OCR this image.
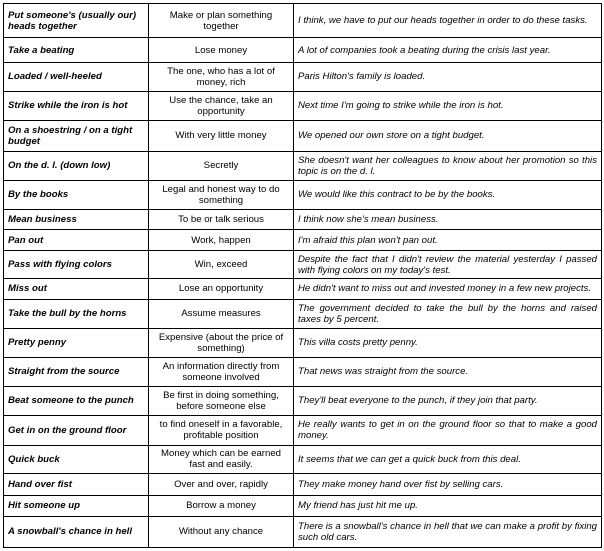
Put someone's (usually our) heads together	Make or plan something together	I think, we have to put our heads together in order to do these tasks.
Take a beating	Lose money	A lot of companies took a beating during the crisis last year.
Loaded / well-heeled	The one, who has a lot of money, rich	Paris Hilton's family is loaded.
Strike while the iron is hot	Use the chance, take an opportunity	Next time I'm going to strike while the iron is hot.
On a shoestring / on a tight budget	With very little money	We opened our own store on a tight budget.
On the d. l. (down low)	Secretly	She doesn't want her colleagues to know about her promotion so this topic is on the d. l.
By the books	Legal and honest way to do something	We would like this contract to be by the books.
Mean business	To be or talk serious	I think now she's mean business.
Pan out	Work, happen	I'm afraid this plan won't pan out.
Pass with flying colors	Win, exceed	Despite the fact that I didn't review the material yesterday I passed with flying colors on my today's test.
Miss out	Lose an opportunity	He didn't want to miss out and invested money in a few new projects.
Take the bull by the horns	Assume measures	The government decided to take the bull by the horns and raised taxes by 5 percent.
Pretty penny	Expensive (about the price of something)	This villa costs pretty penny.
Straight from the source	An information directly from someone involved	That news was straight from the source.
Beat someone to the punch	Be first in doing something, before someone else	They'll beat everyone to the punch, if they join that party.
Get in on the ground floor	to find oneself in a favorable, profitable position	He really wants to get in on the ground floor so that to make a good money.
Quick buck	Money which can be earned fast and easily.	It seems that we can get a quick buck from this deal.
Hand over fist	Over and over, rapidly	They make money hand over fist by selling cars.
Hit someone up	Borrow a money	My friend has just hit me up.
A snowball's chance in hell	Without any chance	There is a snowball's chance in hell that we can make a profit by fixing such old cars.
